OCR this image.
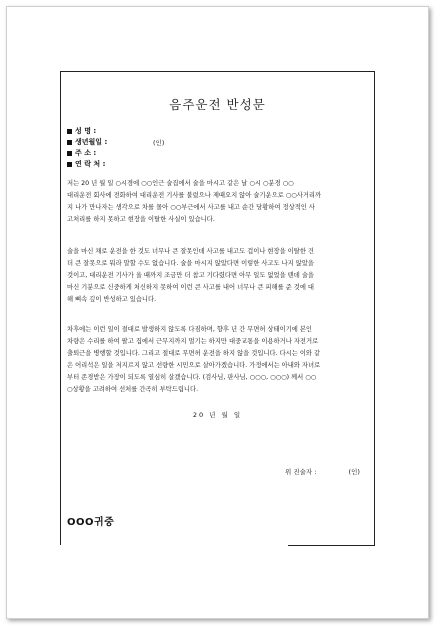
음주운전 반성문
성 명 :
생년월일 :	(인)
주 소 :
연 락 처 :

저는 20 년 월 일 ○시경에 ○○인근 술집에서 술을 마시고 같은 날 ○시 ○분경 ○○
대리운전 회사에 전화하여 대리운전 기사를 불렀으나 제때오지 않아 술기운으로 ○○사거리까
지 나가 만나자는 생각으로 차를 몰아 ○○부근에서 사고를 내고 순간 당황하여 정상적인 사
고처리를 하지 못하고 현장을 이탈한 사실이 있습니다.

술을 마신 채로 운전을 한 것도 너무나 큰 잘못인데 사고를 내고도 겁이나 현장을 이탈한 건
더 큰 잘못으로 뭐라 말할 수도 없습니다. 술을 마시지 않았다면 이렇한 사고도 나지 않았을
것이고, 대리운전 기사가 올 때까지 조금만 더 참고 기다렸다면 아무 일도 없었을 텐데 술을
마신 기분으로 신중하게 처신하지 못하여 이런 큰 사고를 내어 너무나 큰 피해를 준 것에 대
해 뼈속 깊이 반성하고 있습니다.

차후에는 이런 일이 절대로 발생하지 않도록 다짐하며, 향후 년 간 무면허 상태이기에 본인
차량은 수리를 하여 팔고 집에서 근무지까지 멀기는 하지만 대중교통을 이용하거나 자전거로
출퇴근을 병행할 것입니다. 그리고 절대로 무면허 운전을 하지 않을 것입니다. 다시는 이와 같
은 어리석은 일을 저지르지 않고 선량한 시민으로 살아가겠습니다. 가정에서는 아내와 자녀로
부터 존경받은 가장이 되도록 열심히 살겠습니다. (검사님, 판사님, ○○○, ○○○) 께서 ○○
○상황을 고려하여 선처를 간곡히 부탁드립니다.

20 년 월 일
위 진술자 :	(인)
OOO귀중
